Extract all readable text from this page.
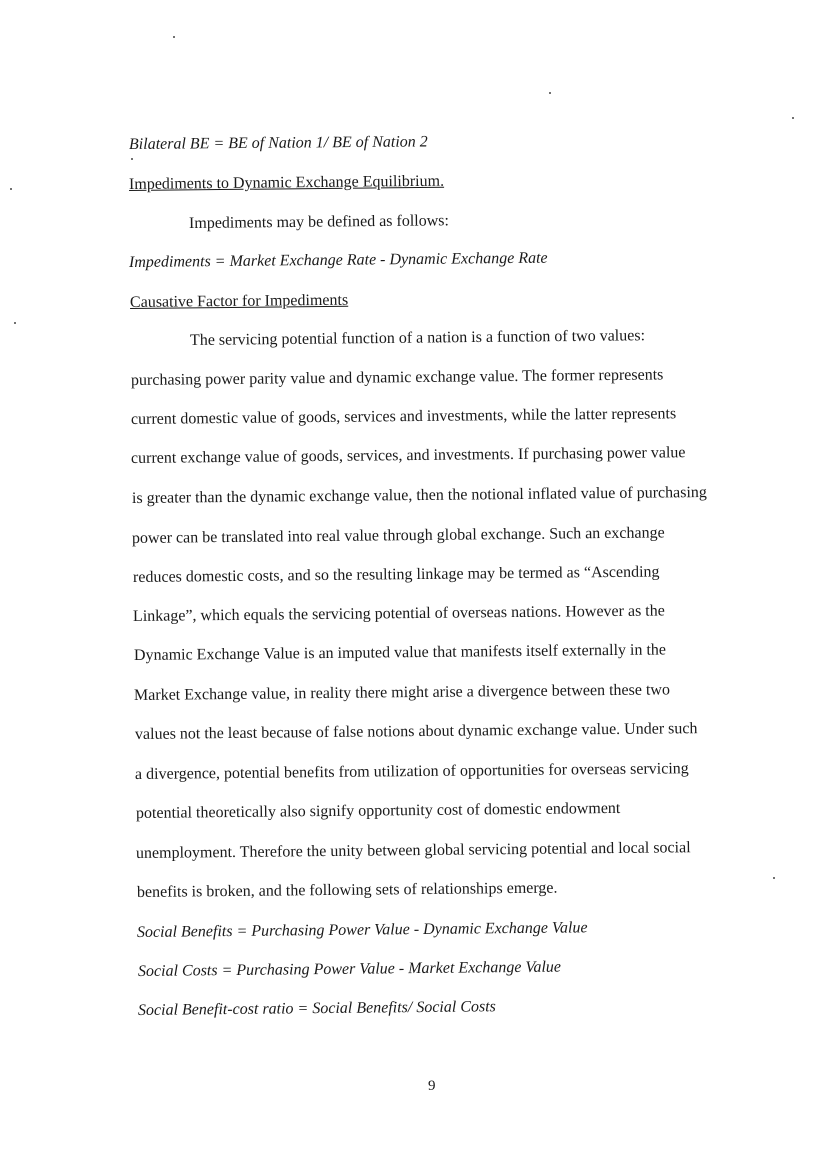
Bilateral BE = BE of Nation 1/ BE of Nation 2
Impediments to Dynamic Exchange Equilibrium.
Impediments may be defined as follows:
Impediments = Market Exchange Rate - Dynamic Exchange Rate
Causative Factor for Impediments
The servicing potential function of a nation is a function of two values:
purchasing power parity value and dynamic exchange value. The former represents
current domestic value of goods, services and investments, while the latter represents
current exchange value of goods, services, and investments. If purchasing power value
is greater than the dynamic exchange value, then the notional inflated value of purchasing
power can be translated into real value through global exchange. Such an exchange
reduces domestic costs, and so the resulting linkage may be termed as “Ascending
Linkage”, which equals the servicing potential of overseas nations. However as the
Dynamic Exchange Value is an imputed value that manifests itself externally in the
Market Exchange value, in reality there might arise a divergence between these two
values not the least because of false notions about dynamic exchange value. Under such
a divergence, potential benefits from utilization of opportunities for overseas servicing
potential theoretically also signify opportunity cost of domestic endowment
unemployment. Therefore the unity between global servicing potential and local social
benefits is broken, and the following sets of relationships emerge.
Social Benefits = Purchasing Power Value - Dynamic Exchange Value
Social Costs = Purchasing Power Value - Market Exchange Value
Social Benefit-cost ratio = Social Benefits/ Social Costs
9
